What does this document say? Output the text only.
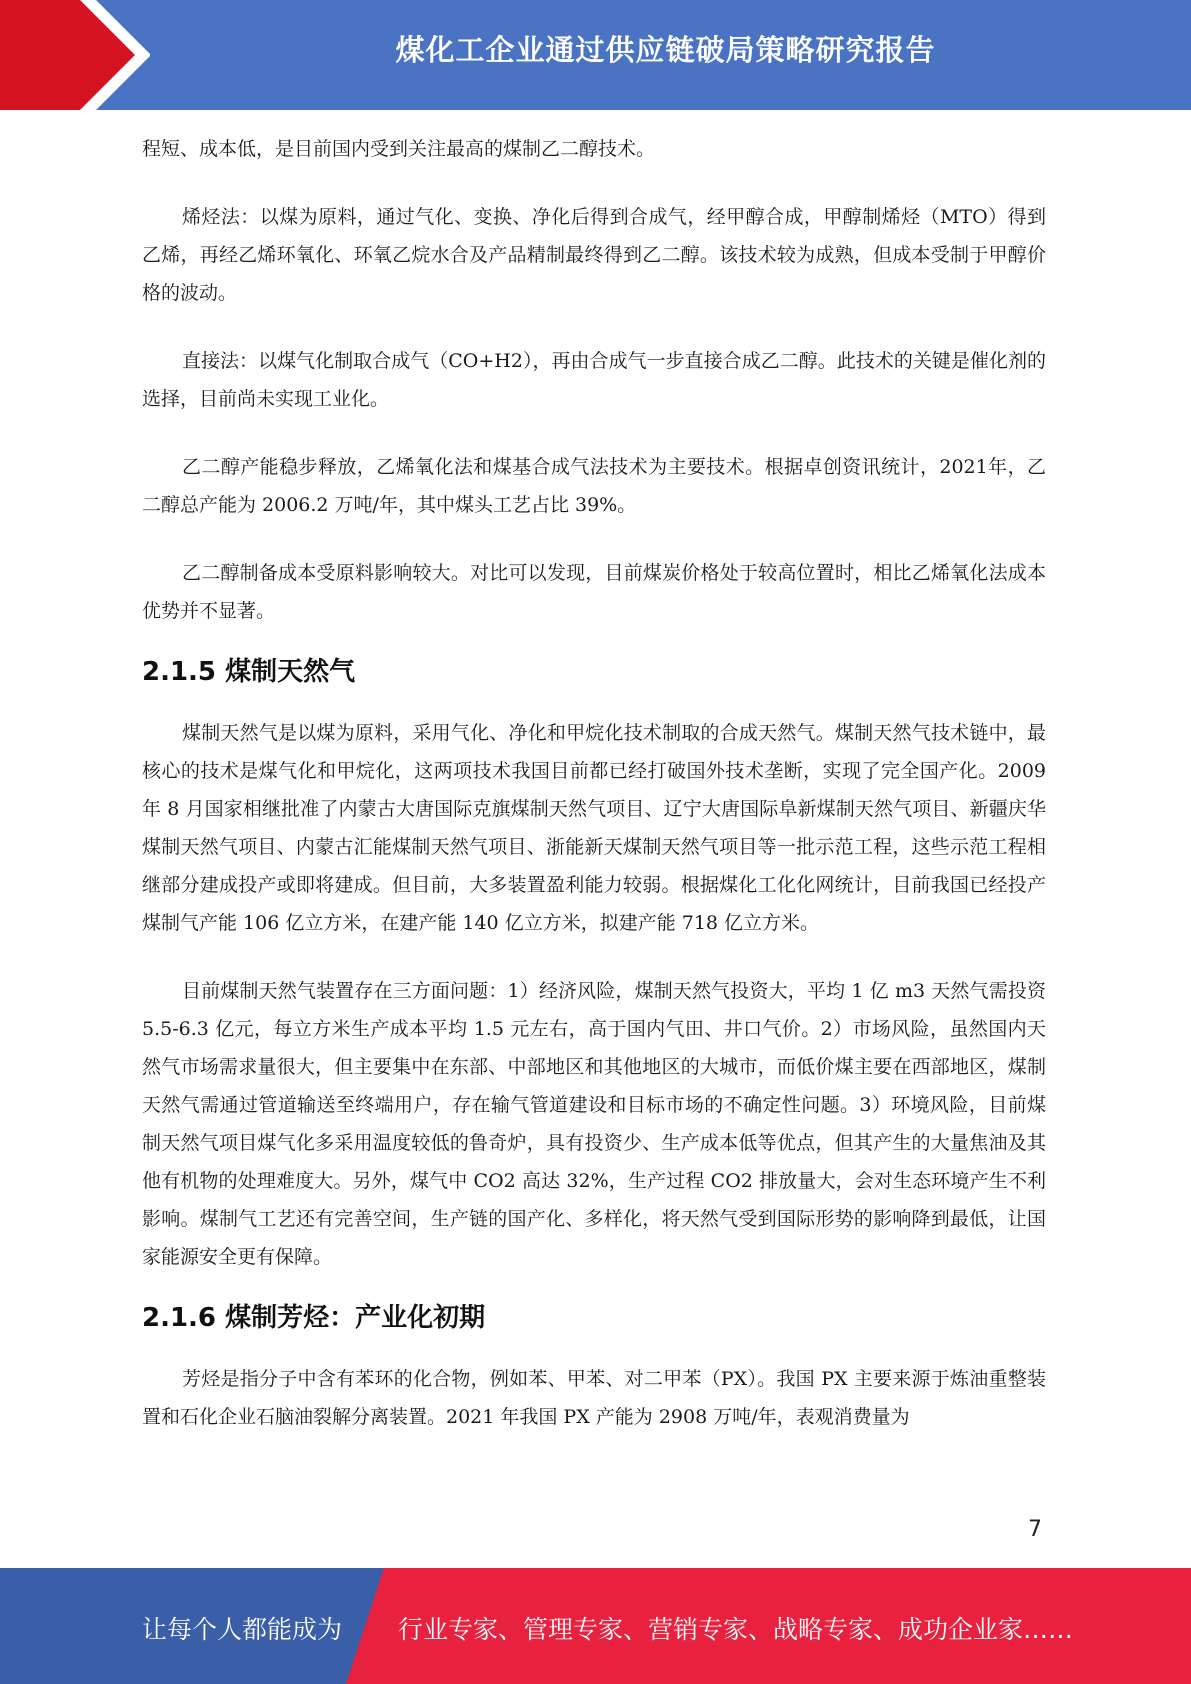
煤化工企业通过供应链破局策略研究报告

程短、成本低，是目前国内受到关注最高的煤制乙二醇技术。

烯烃法：以煤为原料，通过气化、变换、净化后得到合成气，经甲醇合成，甲醇制烯烃（MTO）得到乙烯，再经乙烯环氧化、环氧乙烷水合及产品精制最终得到乙二醇。该技术较为成熟，但成本受制于甲醇价格的波动。

直接法：以煤气化制取合成气（CO+H2），再由合成气一步直接合成乙二醇。此技术的关键是催化剂的选择，目前尚未实现工业化。

乙二醇产能稳步释放，乙烯氧化法和煤基合成气法技术为主要技术。根据卓创资讯统计，2021年，乙二醇总产能为 2006.2 万吨/年，其中煤头工艺占比 39%。

乙二醇制备成本受原料影响较大。对比可以发现，目前煤炭价格处于较高位置时，相比乙烯氧化法成本优势并不显著。

2.1.5 煤制天然气

煤制天然气是以煤为原料，采用气化、净化和甲烷化技术制取的合成天然气。煤制天然气技术链中，最核心的技术是煤气化和甲烷化，这两项技术我国目前都已经打破国外技术垄断，实现了完全国产化。2009 年 8 月国家相继批准了内蒙古大唐国际克旗煤制天然气项目、辽宁大唐国际阜新煤制天然气项目、新疆庆华煤制天然气项目、内蒙古汇能煤制天然气项目、浙能新天煤制天然气项目等一批示范工程，这些示范工程相继部分建成投产或即将建成。但目前，大多装置盈利能力较弱。根据煤化工化化网统计，目前我国已经投产煤制气产能 106 亿立方米，在建产能 140 亿立方米，拟建产能 718 亿立方米。

目前煤制天然气装置存在三方面问题：1）经济风险，煤制天然气投资大，平均 1 亿 m3 天然气需投资 5.5-6.3 亿元，每立方米生产成本平均 1.5 元左右，高于国内气田、井口气价。2）市场风险，虽然国内天然气市场需求量很大，但主要集中在东部、中部地区和其他地区的大城市，而低价煤主要在西部地区，煤制天然气需通过管道输送至终端用户，存在输气管道建设和目标市场的不确定性问题。3）环境风险，目前煤制天然气项目煤气化多采用温度较低的鲁奇炉，具有投资少、生产成本低等优点，但其产生的大量焦油及其他有机物的处理难度大。另外，煤气中 CO2 高达 32%，生产过程 CO2 排放量大，会对生态环境产生不利影响。煤制气工艺还有完善空间，生产链的国产化、多样化，将天然气受到国际形势的影响降到最低，让国家能源安全更有保障。

2.1.6 煤制芳烃：产业化初期

芳烃是指分子中含有苯环的化合物，例如苯、甲苯、对二甲苯（PX）。我国 PX 主要来源于炼油重整装置和石化企业石脑油裂解分离装置。2021 年我国 PX 产能为 2908 万吨/年，表观消费量为

7
让每个人都能成为 行业专家、管理专家、营销专家、战略专家、成功企业家……
